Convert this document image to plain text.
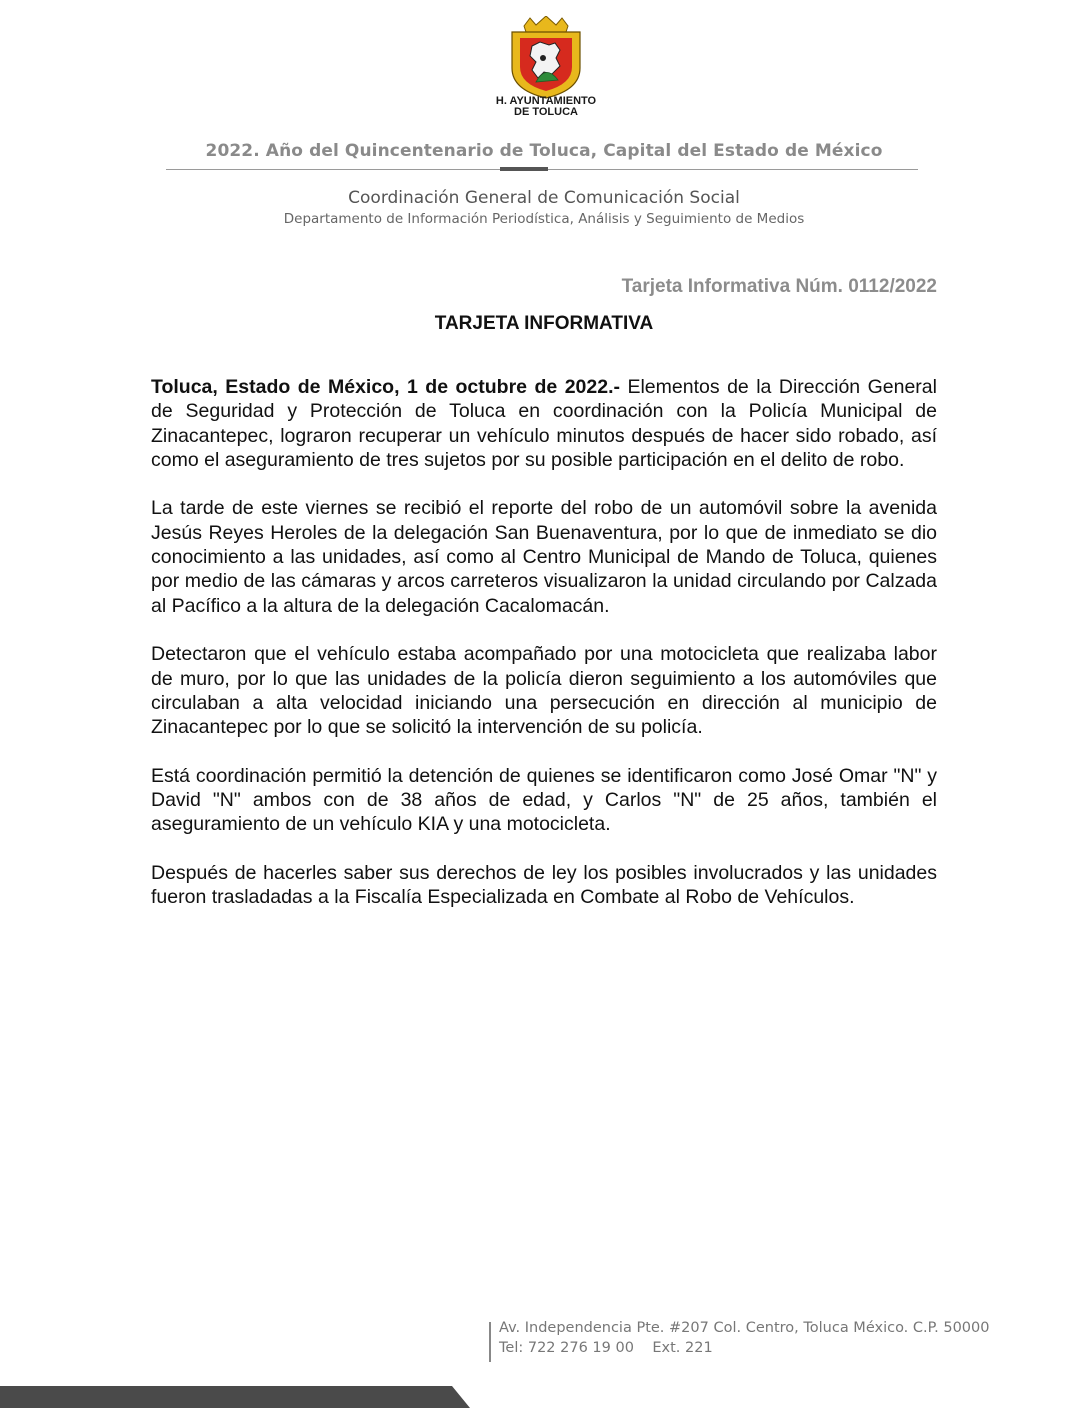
H. AYUNTAMIENTO
DE TOLUCA
2022. Año del Quincentenario de Toluca, Capital del Estado de México
Coordinación General de Comunicación Social
Departamento de Información Periodística, Análisis y Seguimiento de Medios
Tarjeta Informativa Núm. 0112/2022
TARJETA INFORMATIVA

Toluca, Estado de México, 1 de octubre de 2022.- Elementos de la Dirección General de Seguridad y Protección de Toluca en coordinación con la Policía Municipal de Zinacantepec, lograron recuperar un vehículo minutos después de hacer sido robado, así como el aseguramiento de tres sujetos por su posible participación en el delito de robo.

La tarde de este viernes se recibió el reporte del robo de un automóvil sobre la avenida Jesús Reyes Heroles de la delegación San Buenaventura, por lo que de inmediato se dio conocimiento a las unidades, así como al Centro Municipal de Mando de Toluca, quienes por medio de las cámaras y arcos carreteros visualizaron la unidad circulando por Calzada al Pacífico a la altura de la delegación Cacalomacán.

Detectaron que el vehículo estaba acompañado por una motocicleta que realizaba labor de muro, por lo que las unidades de la policía dieron seguimiento a los automóviles que circulaban a alta velocidad iniciando una persecución en dirección al municipio de Zinacantepec por lo que se solicitó la intervención de su policía.

Está coordinación permitió la detención de quienes se identificaron como José Omar "N" y David "N" ambos con de 38 años de edad, y Carlos "N" de 25 años, también el aseguramiento de un vehículo KIA y una motocicleta.

Después de hacerles saber sus derechos de ley los posibles involucrados y las unidades fueron trasladadas a la Fiscalía Especializada en Combate al Robo de Vehículos.

Av. Independencia Pte. #207 Col. Centro, Toluca México. C.P. 50000
Tel: 722 276 19 00    Ext. 221
